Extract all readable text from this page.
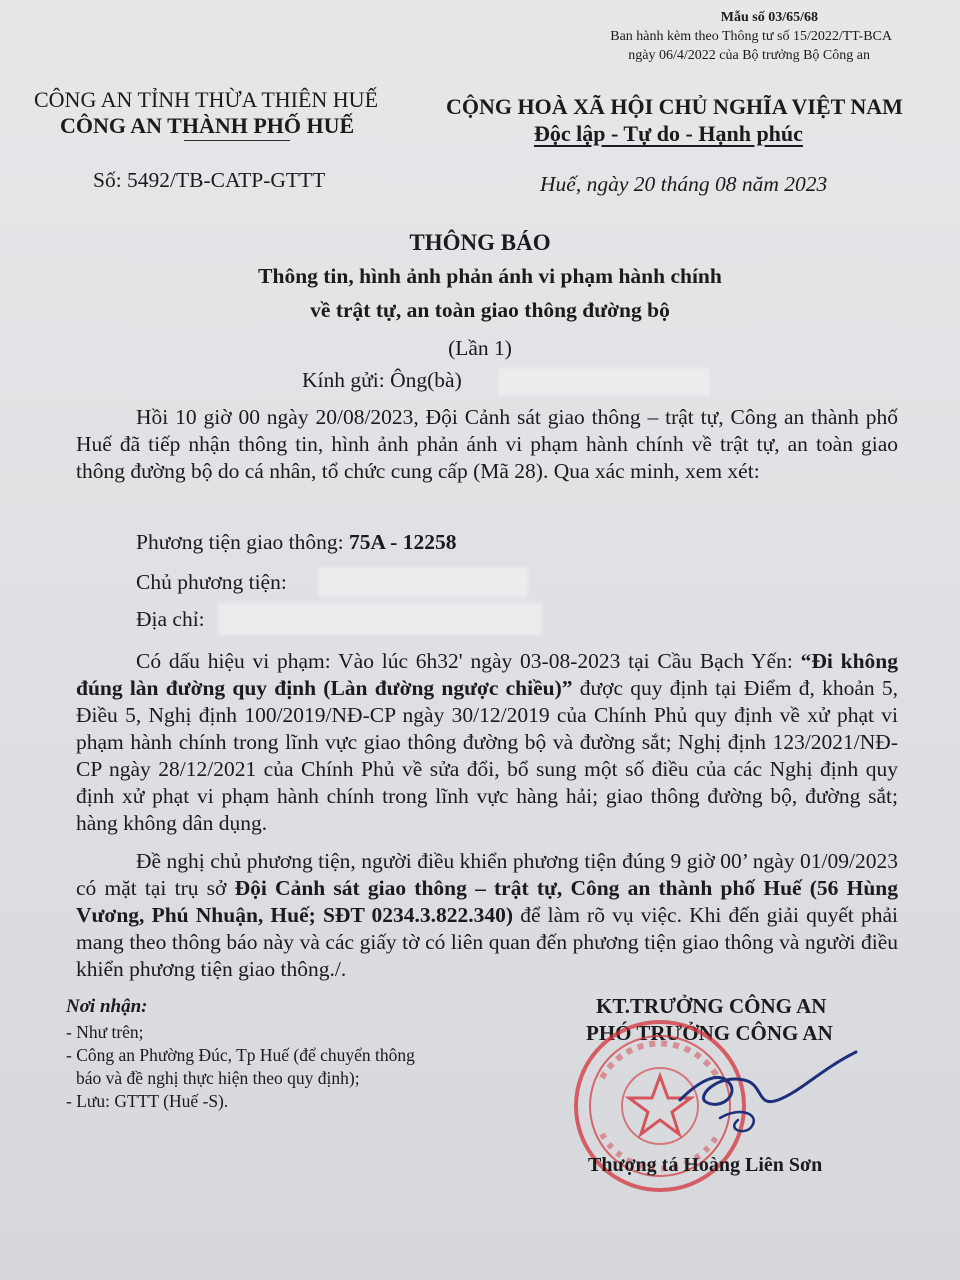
Mẫu số 03/65/68
Ban hành kèm theo Thông tư số 15/2022/TT-BCA
ngày 06/4/2022 của Bộ trưởng Bộ Công an
CÔNG AN TỈNH THỪA THIÊN HUẾ
CÔNG AN THÀNH PHỐ HUẾ
Số: 5492/TB-CATP-GTTT
CỘNG HOÀ XÃ HỘI CHỦ NGHĨA VIỆT NAM
Độc lập - Tự do - Hạnh phúc
Huế, ngày 20 tháng 08 năm 2023
THÔNG BÁO
Thông tin, hình ảnh phản ánh vi phạm hành chính
về trật tự, an toàn giao thông đường bộ
(Lần 1)
Kính gửi: Ông(bà)
Hồi 10 giờ 00 ngày 20/08/2023, Đội Cảnh sát giao thông – trật tự, Công an thành phố Huế đã tiếp nhận thông tin, hình ảnh phản ánh vi phạm hành chính về trật tự, an toàn giao thông đường bộ do cá nhân, tổ chức cung cấp (Mã 28). Qua xác minh, xem xét:
Phương tiện giao thông: 75A - 12258
Chủ phương tiện:
Địa chỉ:
Có dấu hiệu vi phạm: Vào lúc 6h32' ngày 03-08-2023 tại Cầu Bạch Yến: “Đi không đúng làn đường quy định (Làn đường ngược chiều)” được quy định tại Điểm đ, khoản 5, Điều 5, Nghị định 100/2019/NĐ-CP ngày 30/12/2019 của Chính Phủ quy định về xử phạt vi phạm hành chính trong lĩnh vực giao thông đường bộ và đường sắt; Nghị định 123/2021/NĐ-CP ngày 28/12/2021 của Chính Phủ về sửa đổi, bổ sung một số điều của các Nghị định quy định xử phạt vi phạm hành chính trong lĩnh vực hàng hải; giao thông đường bộ, đường sắt; hàng không dân dụng.
Đề nghị chủ phương tiện, người điều khiển phương tiện đúng 9 giờ 00’ ngày 01/09/2023 có mặt tại trụ sở Đội Cảnh sát giao thông – trật tự, Công an thành phố Huế (56 Hùng Vương, Phú Nhuận, Huế; SĐT 0234.3.822.340) để làm rõ vụ việc. Khi đến giải quyết phải mang theo thông báo này và các giấy tờ có liên quan đến phương tiện giao thông và người điều khiển phương tiện giao thông./.
Nơi nhận:
- Như trên;
- Công an Phường Đúc, Tp Huế (để chuyển thông
báo và đề nghị thực hiện theo quy định);
- Lưu: GTTT (Huế -S).
KT.TRƯỞNG CÔNG AN
PHÓ TRƯỞNG CÔNG AN
Thượng tá Hoàng Liên Sơn
